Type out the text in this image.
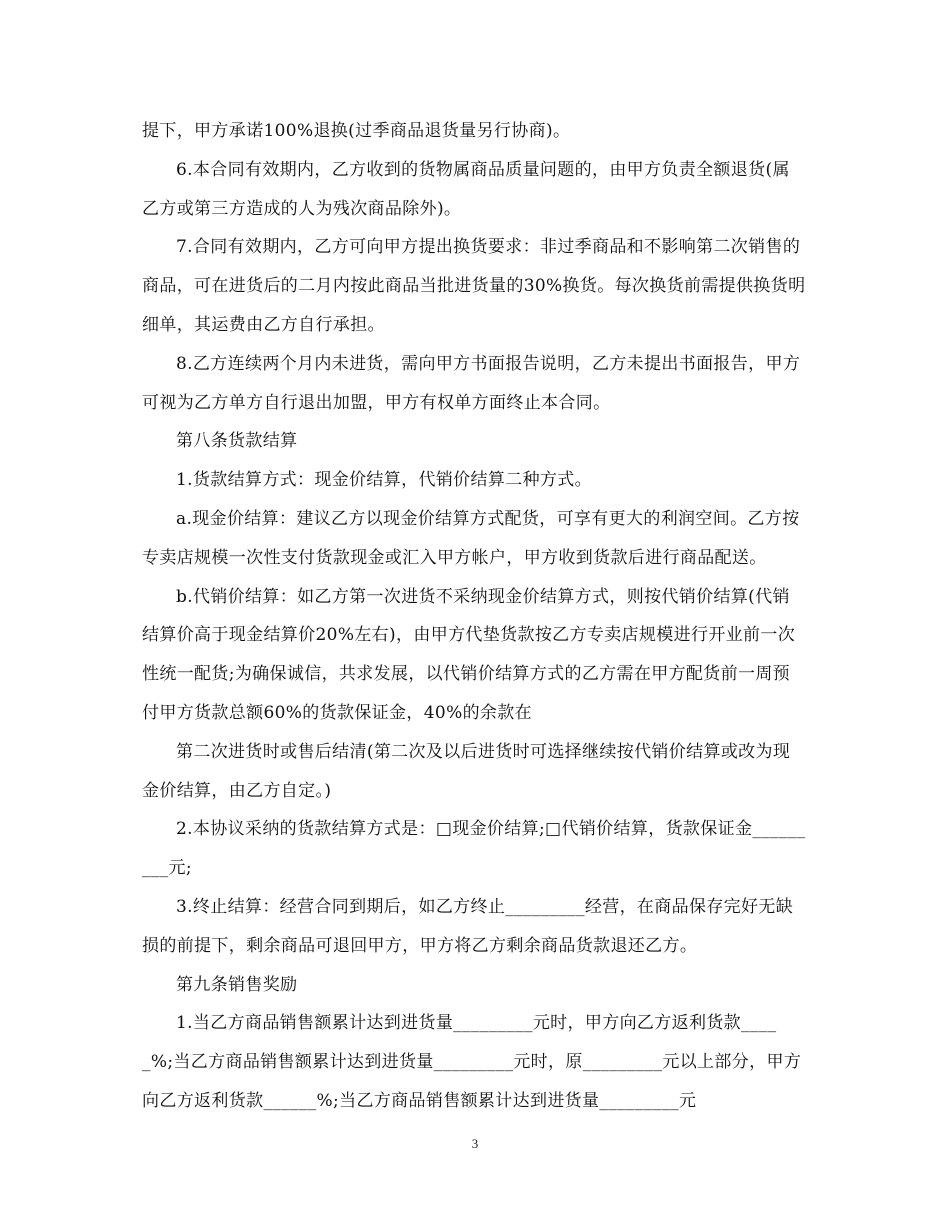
提下，甲方承诺100%退换(过季商品退货量另行协商)。

6.本合同有效期内，乙方收到的货物属商品质量问题的，由甲方负责全额退货(属乙方或第三方造成的人为残次商品除外)。

7.合同有效期内，乙方可向甲方提出换货要求：非过季商品和不影响第二次销售的商品，可在进货后的二月内按此商品当批进货量的30%换货。每次换货前需提供换货明细单，其运费由乙方自行承担。

8.乙方连续两个月内未进货，需向甲方书面报告说明，乙方未提出书面报告，甲方可视为乙方单方自行退出加盟，甲方有权单方面终止本合同。

第八条货款结算

1.货款结算方式：现金价结算，代销价结算二种方式。

a.现金价结算：建议乙方以现金价结算方式配货，可享有更大的利润空间。乙方按专卖店规模一次性支付货款现金或汇入甲方帐户，甲方收到货款后进行商品配送。

b.代销价结算：如乙方第一次进货不采纳现金价结算方式，则按代销价结算(代销结算价高于现金结算价20%左右)，由甲方代垫货款按乙方专卖店规模进行开业前一次性统一配货;为确保诚信，共求发展，以代销价结算方式的乙方需在甲方配货前一周预付甲方货款总额60%的货款保证金，40%的余款在

第二次进货时或售后结清(第二次及以后进货时可选择继续按代销价结算或改为现金价结算，由乙方自定。)

2.本协议采纳的货款结算方式是：□现金价结算;□代销价结算，货款保证金_________元;

3.终止结算：经营合同到期后，如乙方终止_________经营，在商品保存完好无缺损的前提下，剩余商品可退回甲方，甲方将乙方剩余商品货款退还乙方。

第九条销售奖励

1.当乙方商品销售额累计达到进货量_________元时，甲方向乙方返利货款_____%;当乙方商品销售额累计达到进货量_________元时，原_________元以上部分，甲方向乙方返利货款______%;当乙方商品销售额累计达到进货量_________元

3
